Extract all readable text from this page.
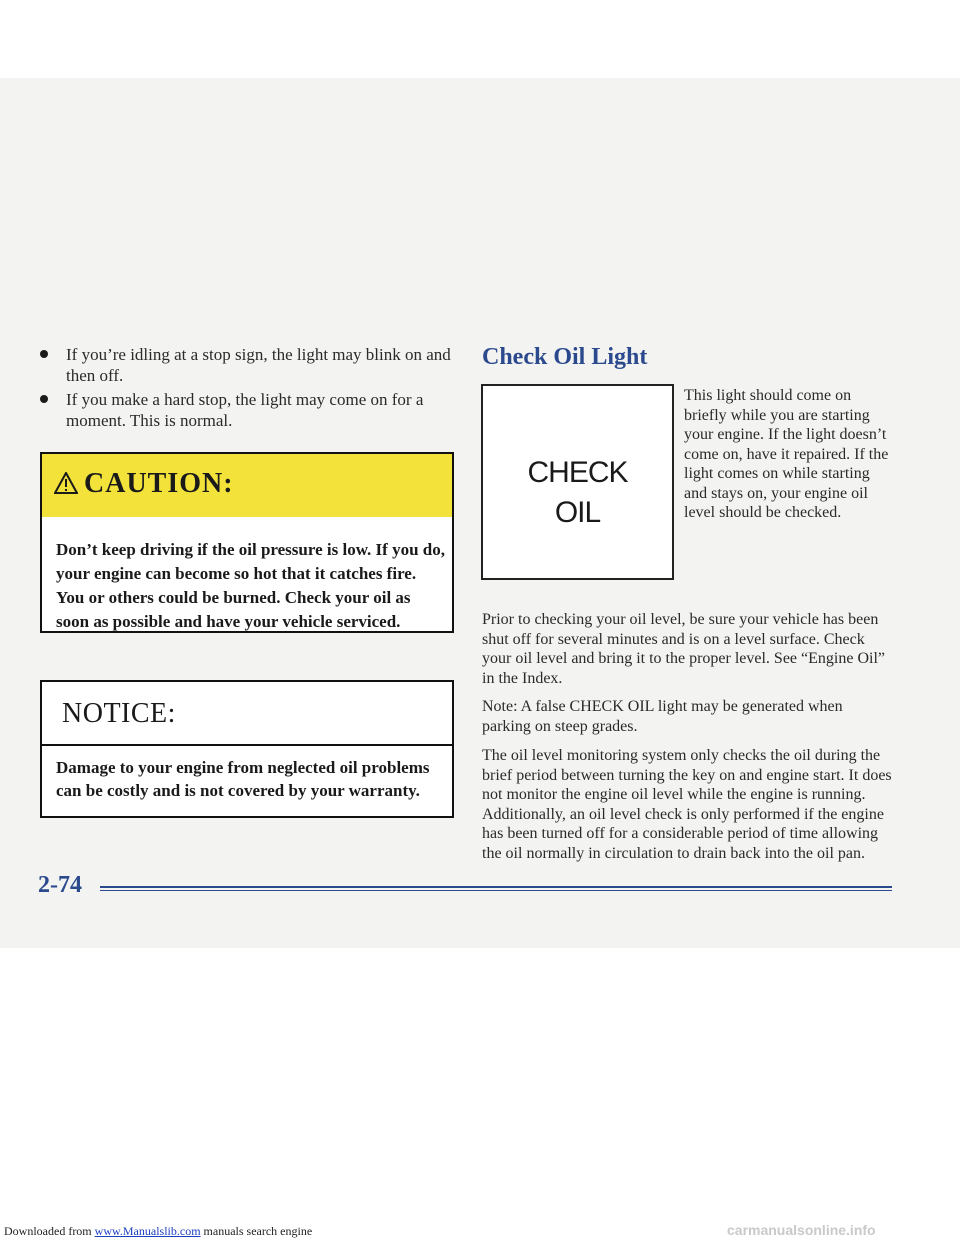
If you’re idling at a stop sign, the light may blink on and then off.
If you make a hard stop, the light may come on for a moment. This is normal.
CAUTION:
Don’t keep driving if the oil pressure is low. If you do, your engine can become so hot that it catches fire. You or others could be burned. Check your oil as soon as possible and have your vehicle serviced.
NOTICE:
Damage to your engine from neglected oil problems can be costly and is not covered by your warranty.
Check Oil Light
CHECK
OIL
This light should come on briefly while you are starting your engine. If the light doesn’t come on, have it repaired. If the light comes on while starting and stays on, your engine oil level should be checked.
Prior to checking your oil level, be sure your vehicle has been shut off for several minutes and is on a level surface. Check your oil level and bring it to the proper level. See “Engine Oil” in the Index.
Note: A false CHECK OIL light may be generated when parking on steep grades.
The oil level monitoring system only checks the oil during the brief period between turning the key on and engine start. It does not monitor the engine oil level while the engine is running. Additionally, an oil level check is only performed if the engine has been turned off for a considerable period of time allowing the oil normally in circulation to drain back into the oil pan.
2-74
Downloaded from www.Manualslib.com manuals search engine	carmanualsonline.info
